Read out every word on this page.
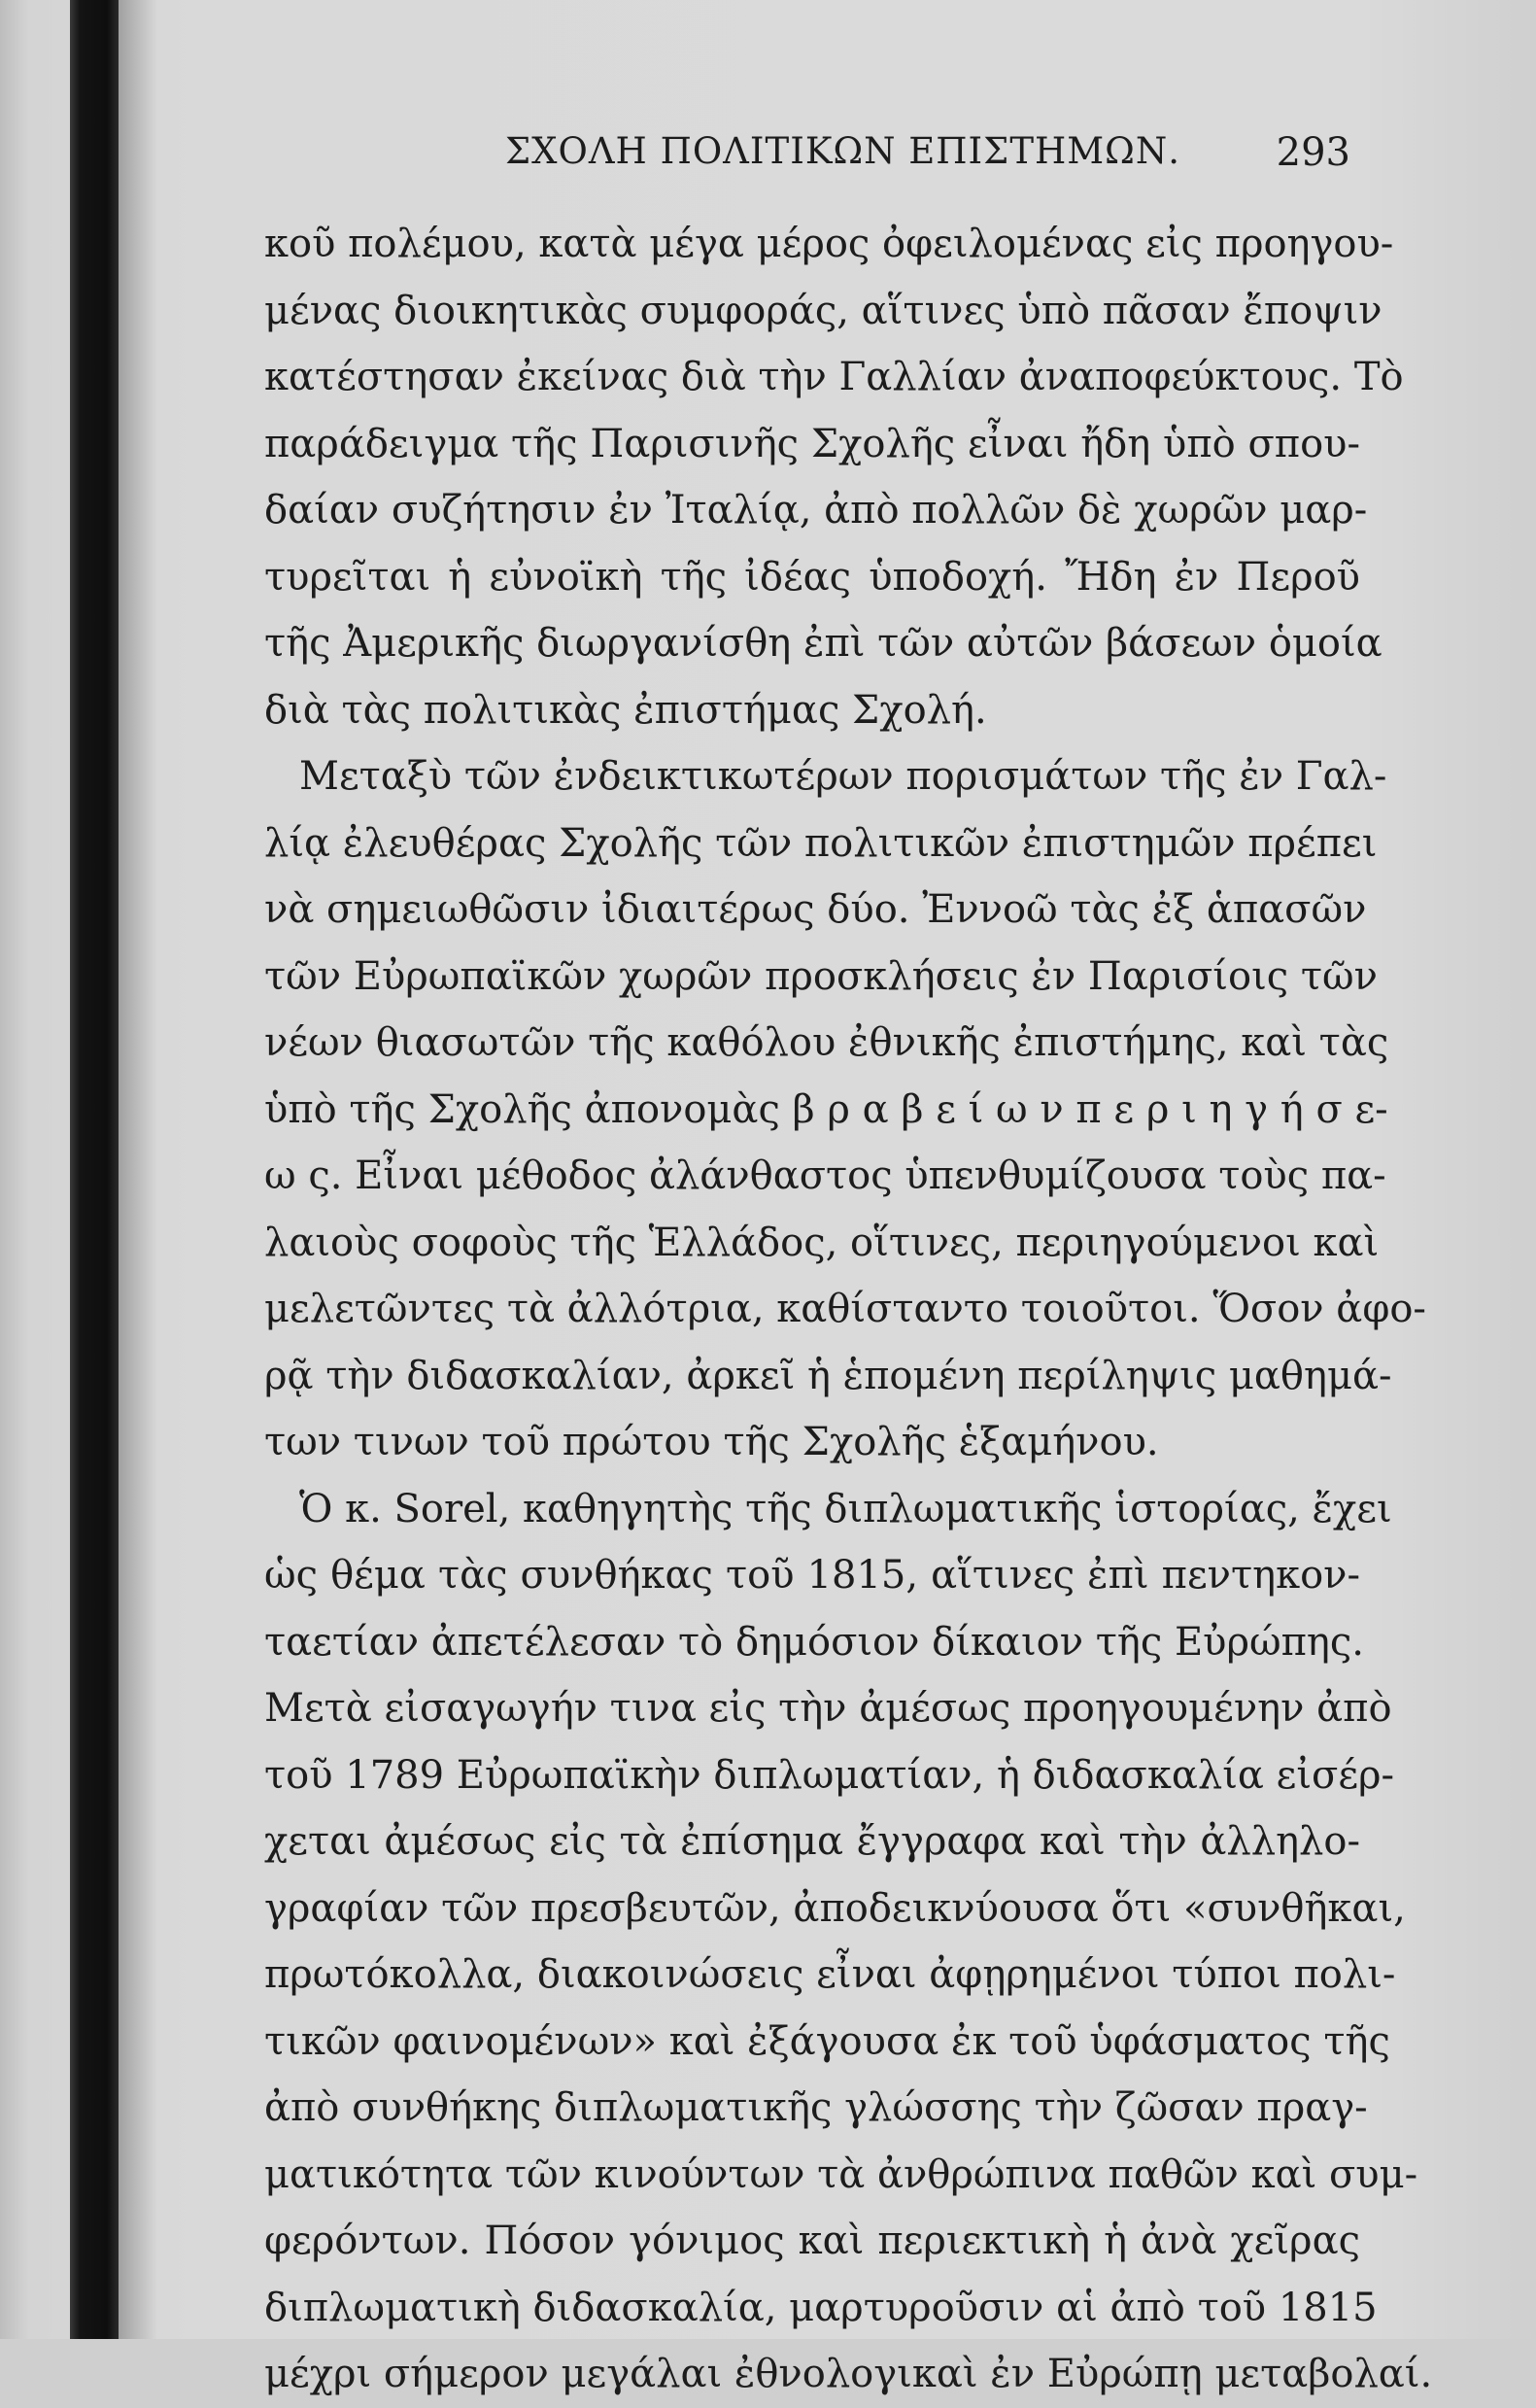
ΣΧΟΛΗ ΠΟΛΙΤΙΚΩΝ ΕΠΙΣΤΗΜΩΝ. 293
κοῦ πολέμου, κατὰ μέγα μέρος ὀφειλομένας εἰς προηγου-
μένας διοικητικὰς συμφοράς, αἵτινες ὑπὸ πᾶσαν ἔποψιν
κατέστησαν ἐκείνας διὰ τὴν Γαλλίαν ἀναποφεύκτους. Τὸ
παράδειγμα τῆς Παρισινῆς Σχολῆς εἶναι ἤδη ὑπὸ σπου-
δαίαν συζήτησιν ἐν Ἰταλίᾳ, ἀπὸ πολλῶν δὲ χωρῶν μαρ-
τυρεῖται ἡ εὐνοϊκὴ τῆς ἰδέας ὑποδοχή. Ἤδη ἐν Περοῦ
τῆς Ἀμερικῆς διωργανίσθη ἐπὶ τῶν αὐτῶν βάσεων ὁμοία
διὰ τὰς πολιτικὰς ἐπιστήμας Σχολή.
Μεταξὺ τῶν ἐνδεικτικωτέρων πορισμάτων τῆς ἐν Γαλ-
λίᾳ ἐλευθέρας Σχολῆς τῶν πολιτικῶν ἐπιστημῶν πρέπει
νὰ σημειωθῶσιν ἰδιαιτέρως δύο. Ἐννοῶ τὰς ἐξ ἁπασῶν
τῶν Εὐρωπαϊκῶν χωρῶν προσκλήσεις ἐν Παρισίοις τῶν
νέων θιασωτῶν τῆς καθόλου ἐθνικῆς ἐπιστήμης, καὶ τὰς
ὑπὸ τῆς Σχολῆς ἀπονομὰς β ρ α β ε ί ω ν π ε ρ ι η γ ή σ ε-
ω ς. Εἶναι μέθοδος ἀλάνθαστος ὑπενθυμίζουσα τοὺς πα-
λαιοὺς σοφοὺς τῆς Ἑλλάδος, οἵτινες, περιηγούμενοι καὶ
μελετῶντες τὰ ἀλλότρια, καθίσταντο τοιοῦτοι. Ὅσον ἀφο-
ρᾷ τὴν διδασκαλίαν, ἀρκεῖ ἡ ἑπομένη περίληψις μαθημά-
των τινων τοῦ πρώτου τῆς Σχολῆς ἑξαμήνου.
Ὁ κ. Sorel, καθηγητὴς τῆς διπλωματικῆς ἱστορίας, ἔχει
ὡς θέμα τὰς συνθήκας τοῦ 1815, αἵτινες ἐπὶ πεντηκον-
ταετίαν ἀπετέλεσαν τὸ δημόσιον δίκαιον τῆς Εὐρώπης.
Μετὰ εἰσαγωγήν τινα εἰς τὴν ἀμέσως προηγουμένην ἀπὸ
τοῦ 1789 Εὐρωπαϊκὴν διπλωματίαν, ἡ διδασκαλία εἰσέρ-
χεται ἀμέσως εἰς τὰ ἐπίσημα ἔγγραφα καὶ τὴν ἀλληλο-
γραφίαν τῶν πρεσβευτῶν, ἀποδεικνύουσα ὅτι «συνθῆκαι,
πρωτόκολλα, διακοινώσεις εἶναι ἀφῃρημένοι τύποι πολι-
τικῶν φαινομένων» καὶ ἐξάγουσα ἐκ τοῦ ὑφάσματος τῆς
ἀπὸ συνθήκης διπλωματικῆς γλώσσης τὴν ζῶσαν πραγ-
ματικότητα τῶν κινούντων τὰ ἀνθρώπινα παθῶν καὶ συμ-
φερόντων. Πόσον γόνιμος καὶ περιεκτικὴ ἡ ἀνὰ χεῖρας
διπλωματικὴ διδασκαλία, μαρτυροῦσιν αἱ ἀπὸ τοῦ 1815
μέχρι σήμερον μεγάλαι ἐθνολογικαὶ ἐν Εὐρώπῃ μεταβολαί.
